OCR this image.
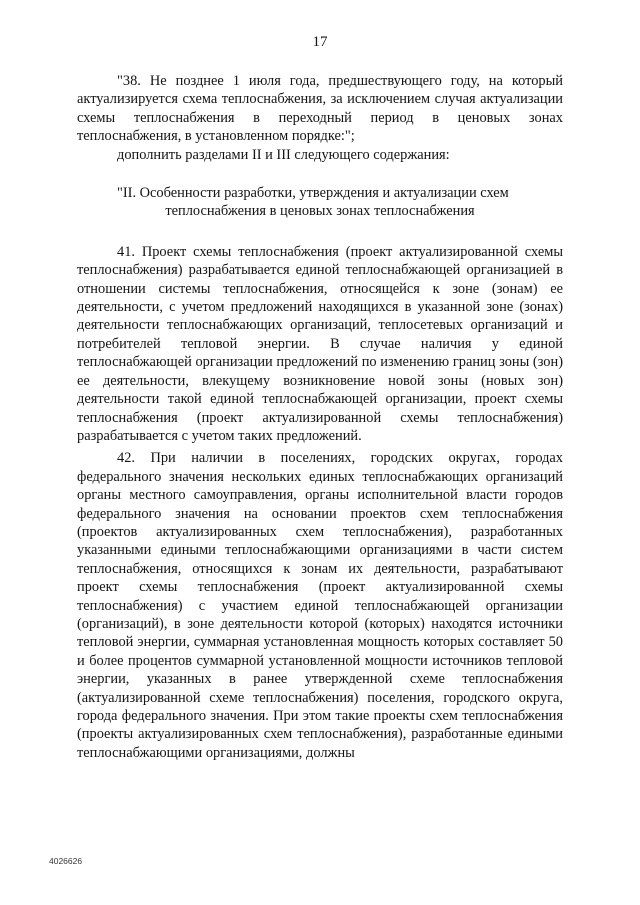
17

"38. Не позднее 1 июля года, предшествующего году, на который актуализируется схема теплоснабжения, за исключением случая актуализации схемы теплоснабжения в переходный период в ценовых зонах теплоснабжения, в установленном порядке:";

дополнить разделами II и III следующего содержания:

"II. Особенности разработки, утверждения и актуализации схем
теплоснабжения в ценовых зонах теплоснабжения

41. Проект схемы теплоснабжения (проект актуализированной схемы теплоснабжения) разрабатывается единой теплоснабжающей организацией в отношении системы теплоснабжения, относящейся к зоне (зонам) ее деятельности, с учетом предложений находящихся в указанной зоне (зонах) деятельности теплоснабжающих организаций, теплосетевых организаций и потребителей тепловой энергии. В случае наличия у единой теплоснабжающей организации предложений по изменению границ зоны (зон) ее деятельности, влекущему возникновение новой зоны (новых зон) деятельности такой единой теплоснабжающей организации, проект схемы теплоснабжения (проект актуализированной схемы теплоснабжения) разрабатывается с учетом таких предложений.

42. При наличии в поселениях, городских округах, городах федерального значения нескольких единых теплоснабжающих организаций органы местного самоуправления, органы исполнительной власти городов федерального значения на основании проектов схем теплоснабжения (проектов актуализированных схем теплоснабжения), разработанных указанными едиными теплоснабжающими организациями в части систем теплоснабжения, относящихся к зонам их деятельности, разрабатывают проект схемы теплоснабжения (проект актуализированной схемы теплоснабжения) с участием единой теплоснабжающей организации (организаций), в зоне деятельности которой (которых) находятся источники тепловой энергии, суммарная установленная мощность которых составляет 50 и более процентов суммарной установленной мощности источников тепловой энергии, указанных в ранее утвержденной схеме теплоснабжения (актуализированной схеме теплоснабжения) поселения, городского округа, города федерального значения. При этом такие проекты схем теплоснабжения (проекты актуализированных схем теплоснабжения), разработанные едиными теплоснабжающими организациями, должны

4026626
